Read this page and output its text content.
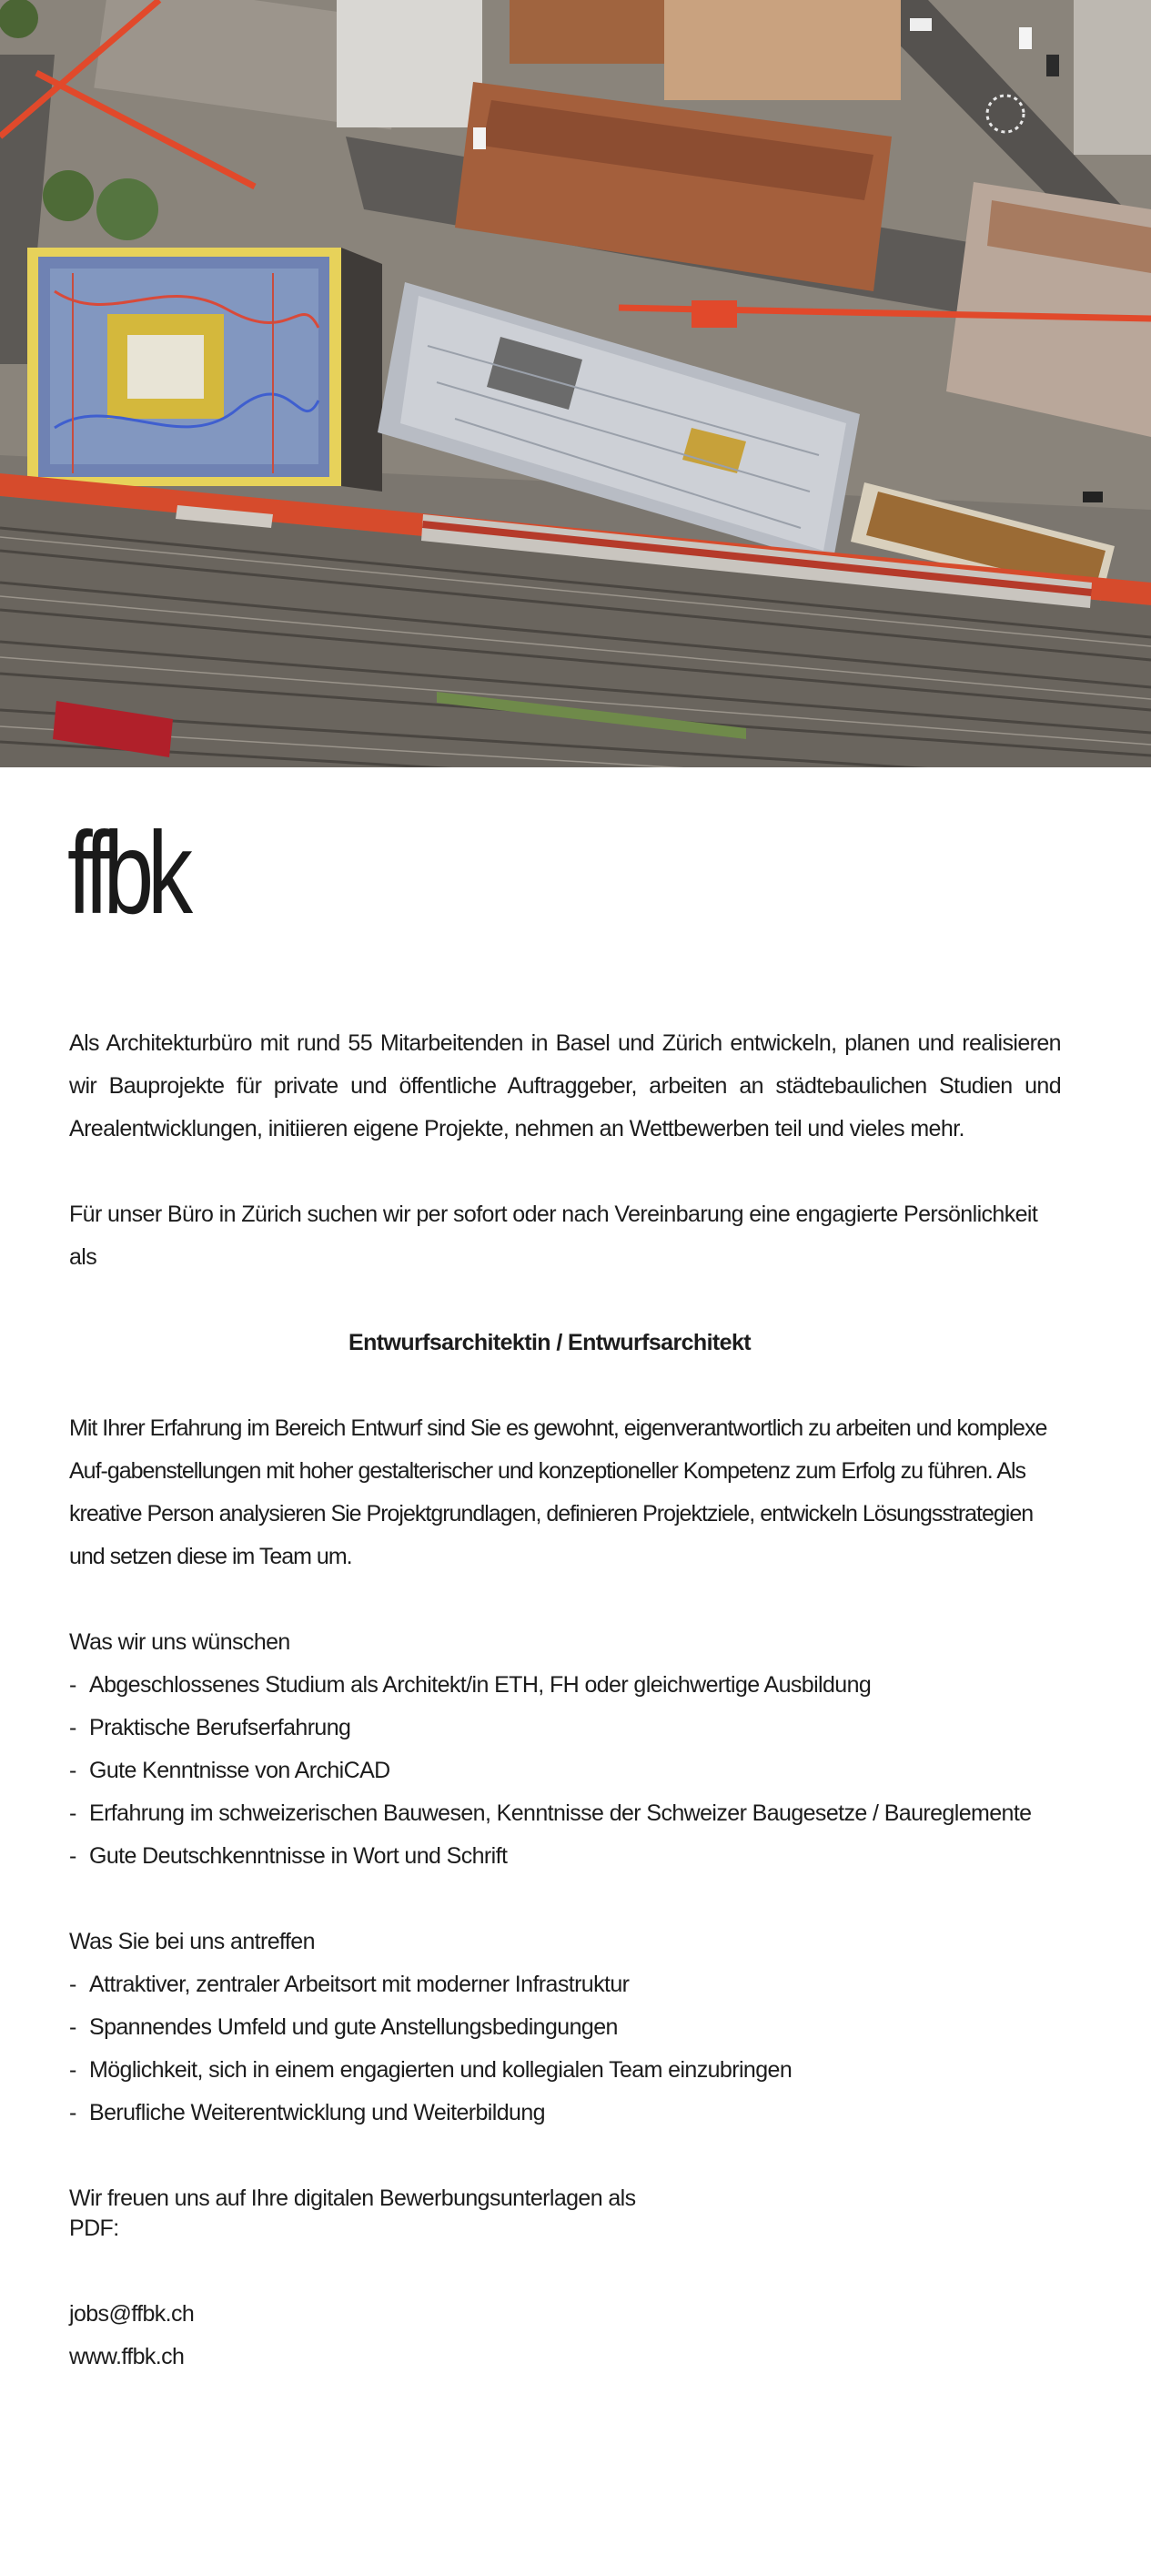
ffbk

Als Architekturbüro mit rund 55 Mitarbeitenden in Basel und Zürich entwickeln, planen und realisieren wir Bauprojekte für private und öffentliche Auftraggeber, arbeiten an städtebaulichen Studien und Arealentwicklungen, initiieren eigene Projekte, nehmen an Wettbewerben teil und vieles mehr.

Für unser Büro in Zürich suchen wir per sofort oder nach Vereinbarung eine engagierte Persönlichkeit als

Entwurfsarchitektin / Entwurfsarchitekt

Mit Ihrer Erfahrung im Bereich Entwurf sind Sie es gewohnt, eigenverantwortlich zu arbeiten und komplexe Auf-gabenstellungen mit hoher gestalterischer und konzeptioneller Kompetenz zum Erfolg zu führen. Als kreative Person analysieren Sie Projektgrundlagen, definieren Projektziele, entwickeln Lösungsstrategien und setzen diese im Team um.

Was wir uns wünschen

- Abgeschlossenes Studium als Architekt/in ETH, FH oder gleichwertige Ausbildung
- Praktische Berufserfahrung
- Gute Kenntnisse von ArchiCAD
- Erfahrung im schweizerischen Bauwesen, Kenntnisse der Schweizer Baugesetze / Baureglemente
- Gute Deutschkenntnisse in Wort und Schrift

Was Sie bei uns antreffen

- Attraktiver, zentraler Arbeitsort mit moderner Infrastruktur
- Spannendes Umfeld und gute Anstellungsbedingungen
- Möglichkeit, sich in einem engagierten und kollegialen Team einzubringen
- Berufliche Weiterentwicklung und Weiterbildung

Wir freuen uns auf Ihre digitalen Bewerbungsunterlagen als

PDF:

jobs@ffbk.ch

www.ffbk.ch
